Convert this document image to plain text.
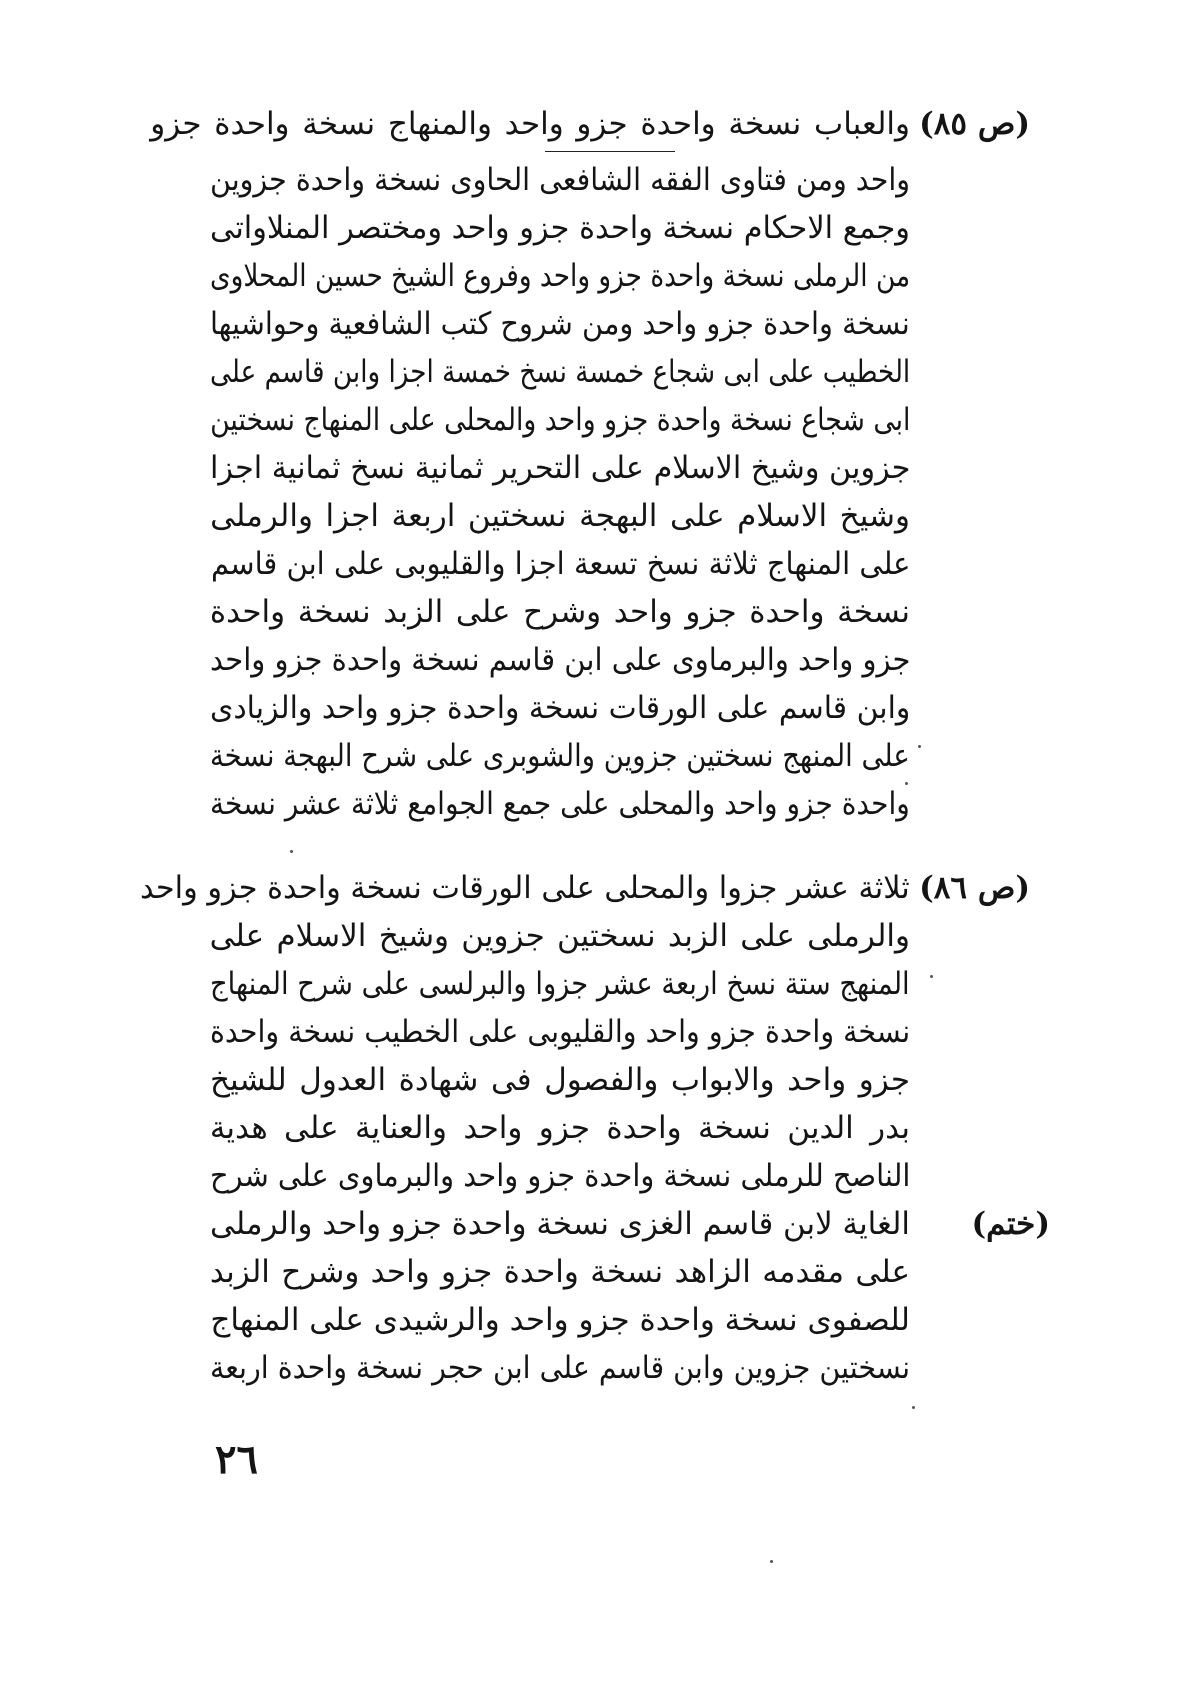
(ص ٨٥)
والعباب نسخة واحدة جزو واحد والمنهاج نسخة واحدة جزو
واحد ومن فتاوى الفقه الشافعى الحاوى نسخة واحدة جزوين
وجمع الاحكام نسخة واحدة جزو واحد ومختصر المنلاواتى
من الرملى نسخة واحدة جزو واحد وفروع الشيخ حسين المحلاوى
نسخة واحدة جزو واحد ومن شروح كتب الشافعية وحواشيها
الخطيب على ابى شجاع خمسة نسخ خمسة اجزا وابن قاسم على
ابى شجاع نسخة واحدة جزو واحد والمحلى على المنهاج نسختين
جزوين وشيخ الاسلام على التحرير ثمانية نسخ ثمانية اجزا
وشيخ الاسلام على البهجة نسختين اربعة اجزا والرملى
على المنهاج ثلاثة نسخ تسعة اجزا والقليوبى على ابن قاسم
نسخة واحدة جزو واحد وشرح على الزبد نسخة واحدة
جزو واحد والبرماوى على ابن قاسم نسخة واحدة جزو واحد
وابن قاسم على الورقات نسخة واحدة جزو واحد والزيادى
على المنهج نسختين جزوين والشوبرى على شرح البهجة نسخة
واحدة جزو واحد والمحلى على جمع الجوامع ثلاثة عشر نسخة
(ص ٨٦)
ثلاثة عشر جزوا والمحلى على الورقات نسخة واحدة جزو واحد
والرملى على الزبد نسختين جزوين وشيخ الاسلام على
المنهج ستة نسخ اربعة عشر جزوا والبرلسى على شرح المنهاج
نسخة واحدة جزو واحد والقليوبى على الخطيب نسخة واحدة
جزو واحد والابواب والفصول فى شهادة العدول للشيخ
بدر الدين نسخة واحدة جزو واحد والعناية على هدية
الناصح للرملى نسخة واحدة جزو واحد والبرماوى على شرح
الغاية لابن قاسم الغزى نسخة واحدة جزو واحد والرملى (ختم)
على مقدمه الزاهد نسخة واحدة جزو واحد وشرح الزبد
للصفوى نسخة واحدة جزو واحد والرشيدى على المنهاج
نسختين جزوين وابن قاسم على ابن حجر نسخة واحدة اربعة
٢٦
